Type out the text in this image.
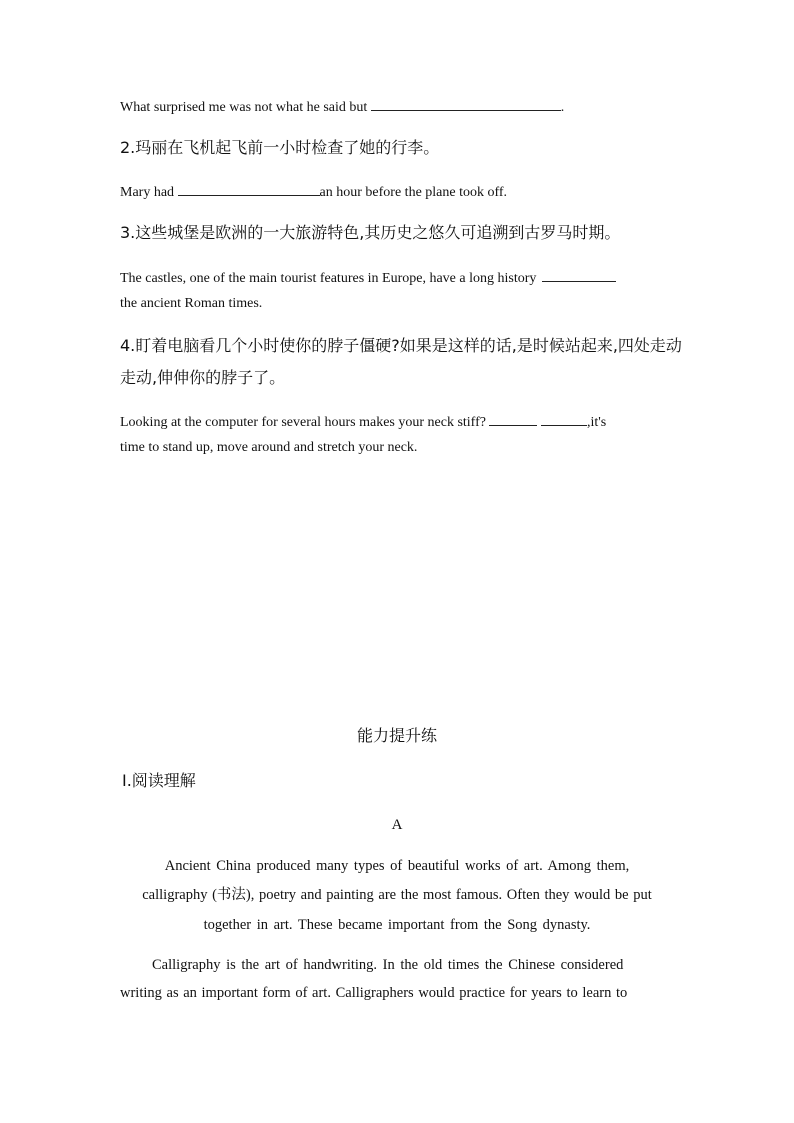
What surprised me was not what he said but	.
2.玛丽在飞机起飞前一小时检查了她的行李。
Mary had	an hour before the plane took off.
3.这些城堡是欧洲的一大旅游特色,其历史之悠久可追溯到古罗马时期。
The castles, one of the main tourist features in Europe, have a long history
the ancient Roman times.
4.盯着电脑看几个小时使你的脖子僵硬?如果是这样的话,是时候站起来,四处走动
走动,伸伸你的脖子了。
Looking at the computer for several hours makes your neck stiff?	,it's
time to stand up, move around and stretch your neck.
能力提升练
Ⅰ.阅读理解
A
Ancient China produced many types of beautiful works of art. Among them,
calligraphy (书法), poetry and painting are the most famous. Often they would be put
together in art. These became important from the Song dynasty.
Calligraphy is the art of handwriting. In the old times the Chinese considered
writing as an important form of art. Calligraphers would practice for years to learn to
